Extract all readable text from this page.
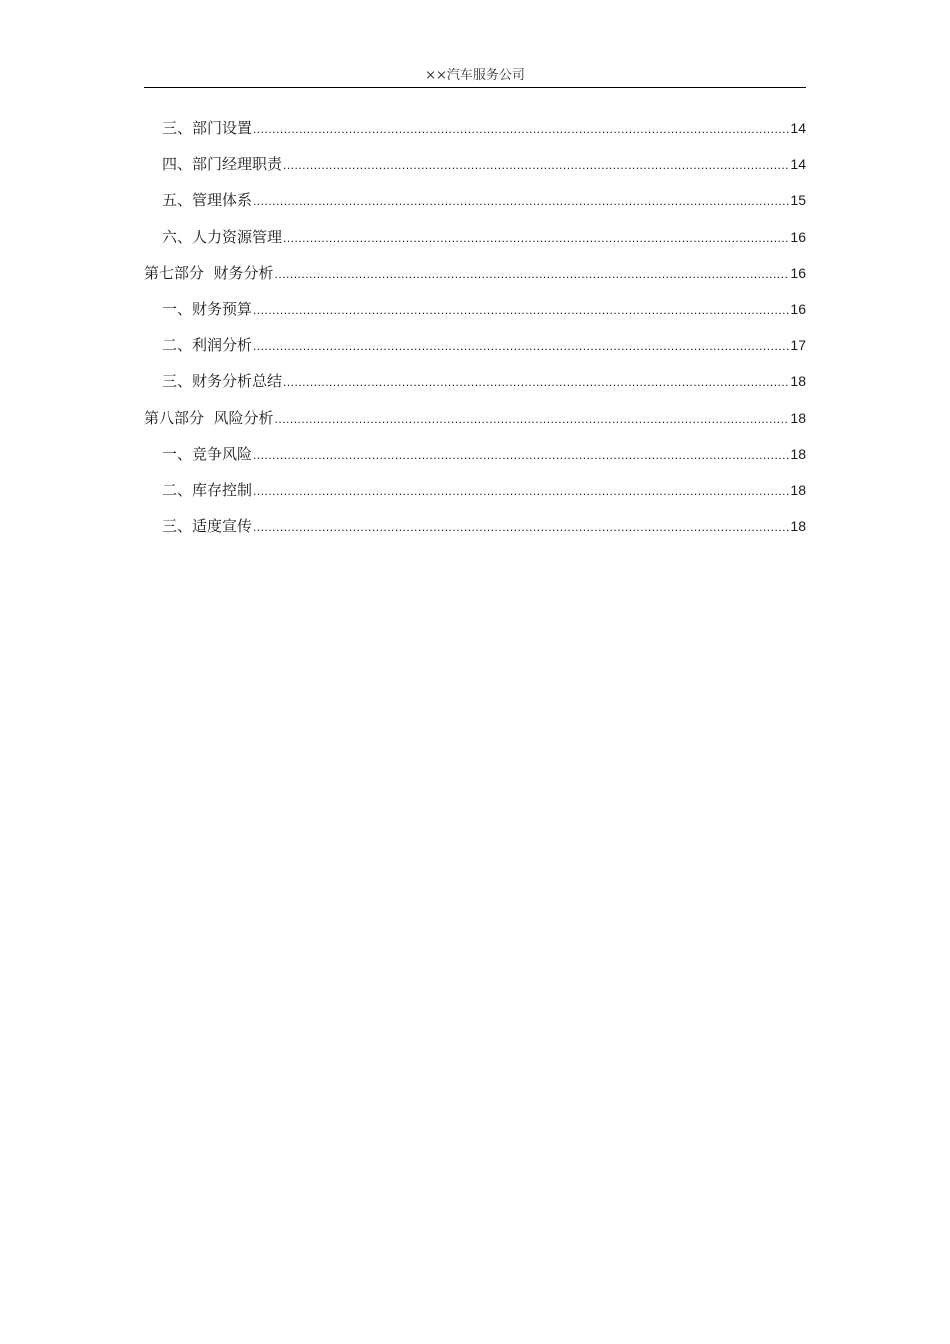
××汽车服务公司
三、部门设置 .....	14
四、部门经理职责 .....	14
五、管理体系 .....	15
六、人力资源管理 .....	16
第七部分  财务分析 .....	16
一、财务预算 .....	16
二、利润分析 .....	17
三、财务分析总结 .....	18
第八部分  风险分析 .....	18
一、竞争风险 .....	18
二、库存控制 .....	18
三、适度宣传 .....	18
